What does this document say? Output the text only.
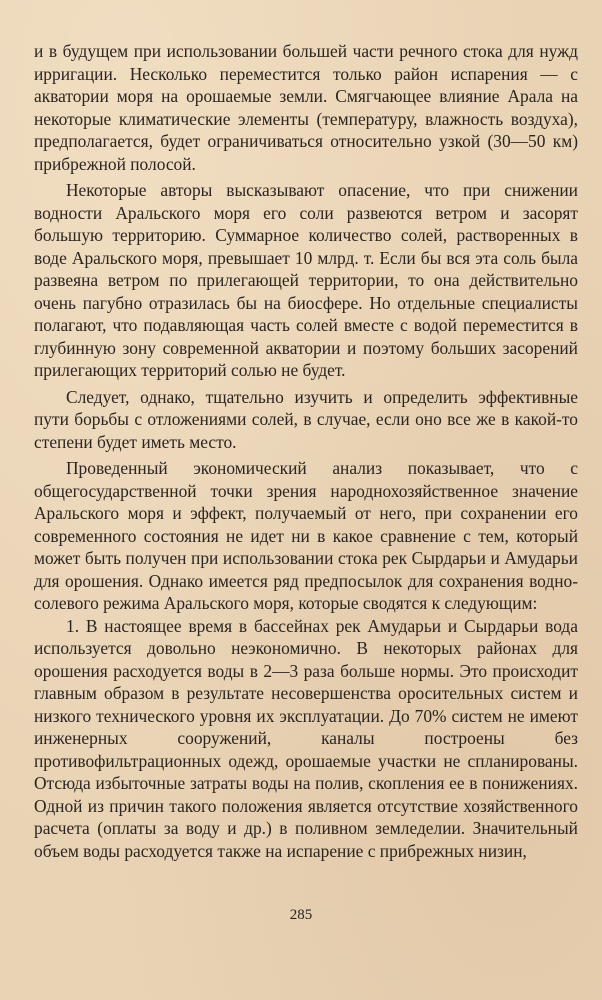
и в будущем при использовании большей части речного стока для нужд ирригации. Несколько переместится только район испарения — с акватории моря на орошаемые земли. Смягчающее влияние Арала на некоторые климатические элементы (температуру, влажность воздуха), предполагается, будет ограничиваться относительно узкой (30—50 км) прибрежной полосой.

Некоторые авторы высказывают опасение, что при снижении водности Аральского моря его соли развеются ветром и засорят большую территорию. Суммарное количество солей, растворенных в воде Аральского моря, превышает 10 млрд. т. Если бы вся эта соль была развеяна ветром по прилегающей территории, то она действительно очень пагубно отразилась бы на биосфере. Но отдельные специалисты полагают, что подавляющая часть солей вместе с водой переместится в глубинную зону современной акватории и поэтому больших засорений прилегающих территорий солью не будет.

Следует, однако, тщательно изучить и определить эффективные пути борьбы с отложениями солей, в случае, если оно все же в какой-то степени будет иметь место.

Проведенный экономический анализ показывает, что с общегосударственной точки зрения народнохозяйственное значение Аральского моря и эффект, получаемый от него, при сохранении его современного состояния не идет ни в какое сравнение с тем, который может быть получен при использовании стока рек Сырдарьи и Амударьи для орошения. Однако имеется ряд предпосылок для сохранения водно-солевого режима Аральского моря, которые сводятся к следующим:

1. В настоящее время в бассейнах рек Амударьи и Сырдарьи вода используется довольно неэкономично. В некоторых районах для орошения расходуется воды в 2—3 раза больше нормы. Это происходит главным образом в результате несовершенства оросительных систем и низкого технического уровня их эксплуатации. До 70% систем не имеют инженерных сооружений, каналы построены без противофильтрационных одежд, орошаемые участки не спланированы. Отсюда избыточные затраты воды на полив, скопления ее в понижениях. Одной из причин такого положения является отсутствие хозяйственного расчета (оплаты за воду и др.) в поливном земледелии. Значительный объем воды расходуется также на испарение с прибрежных низин,

285
